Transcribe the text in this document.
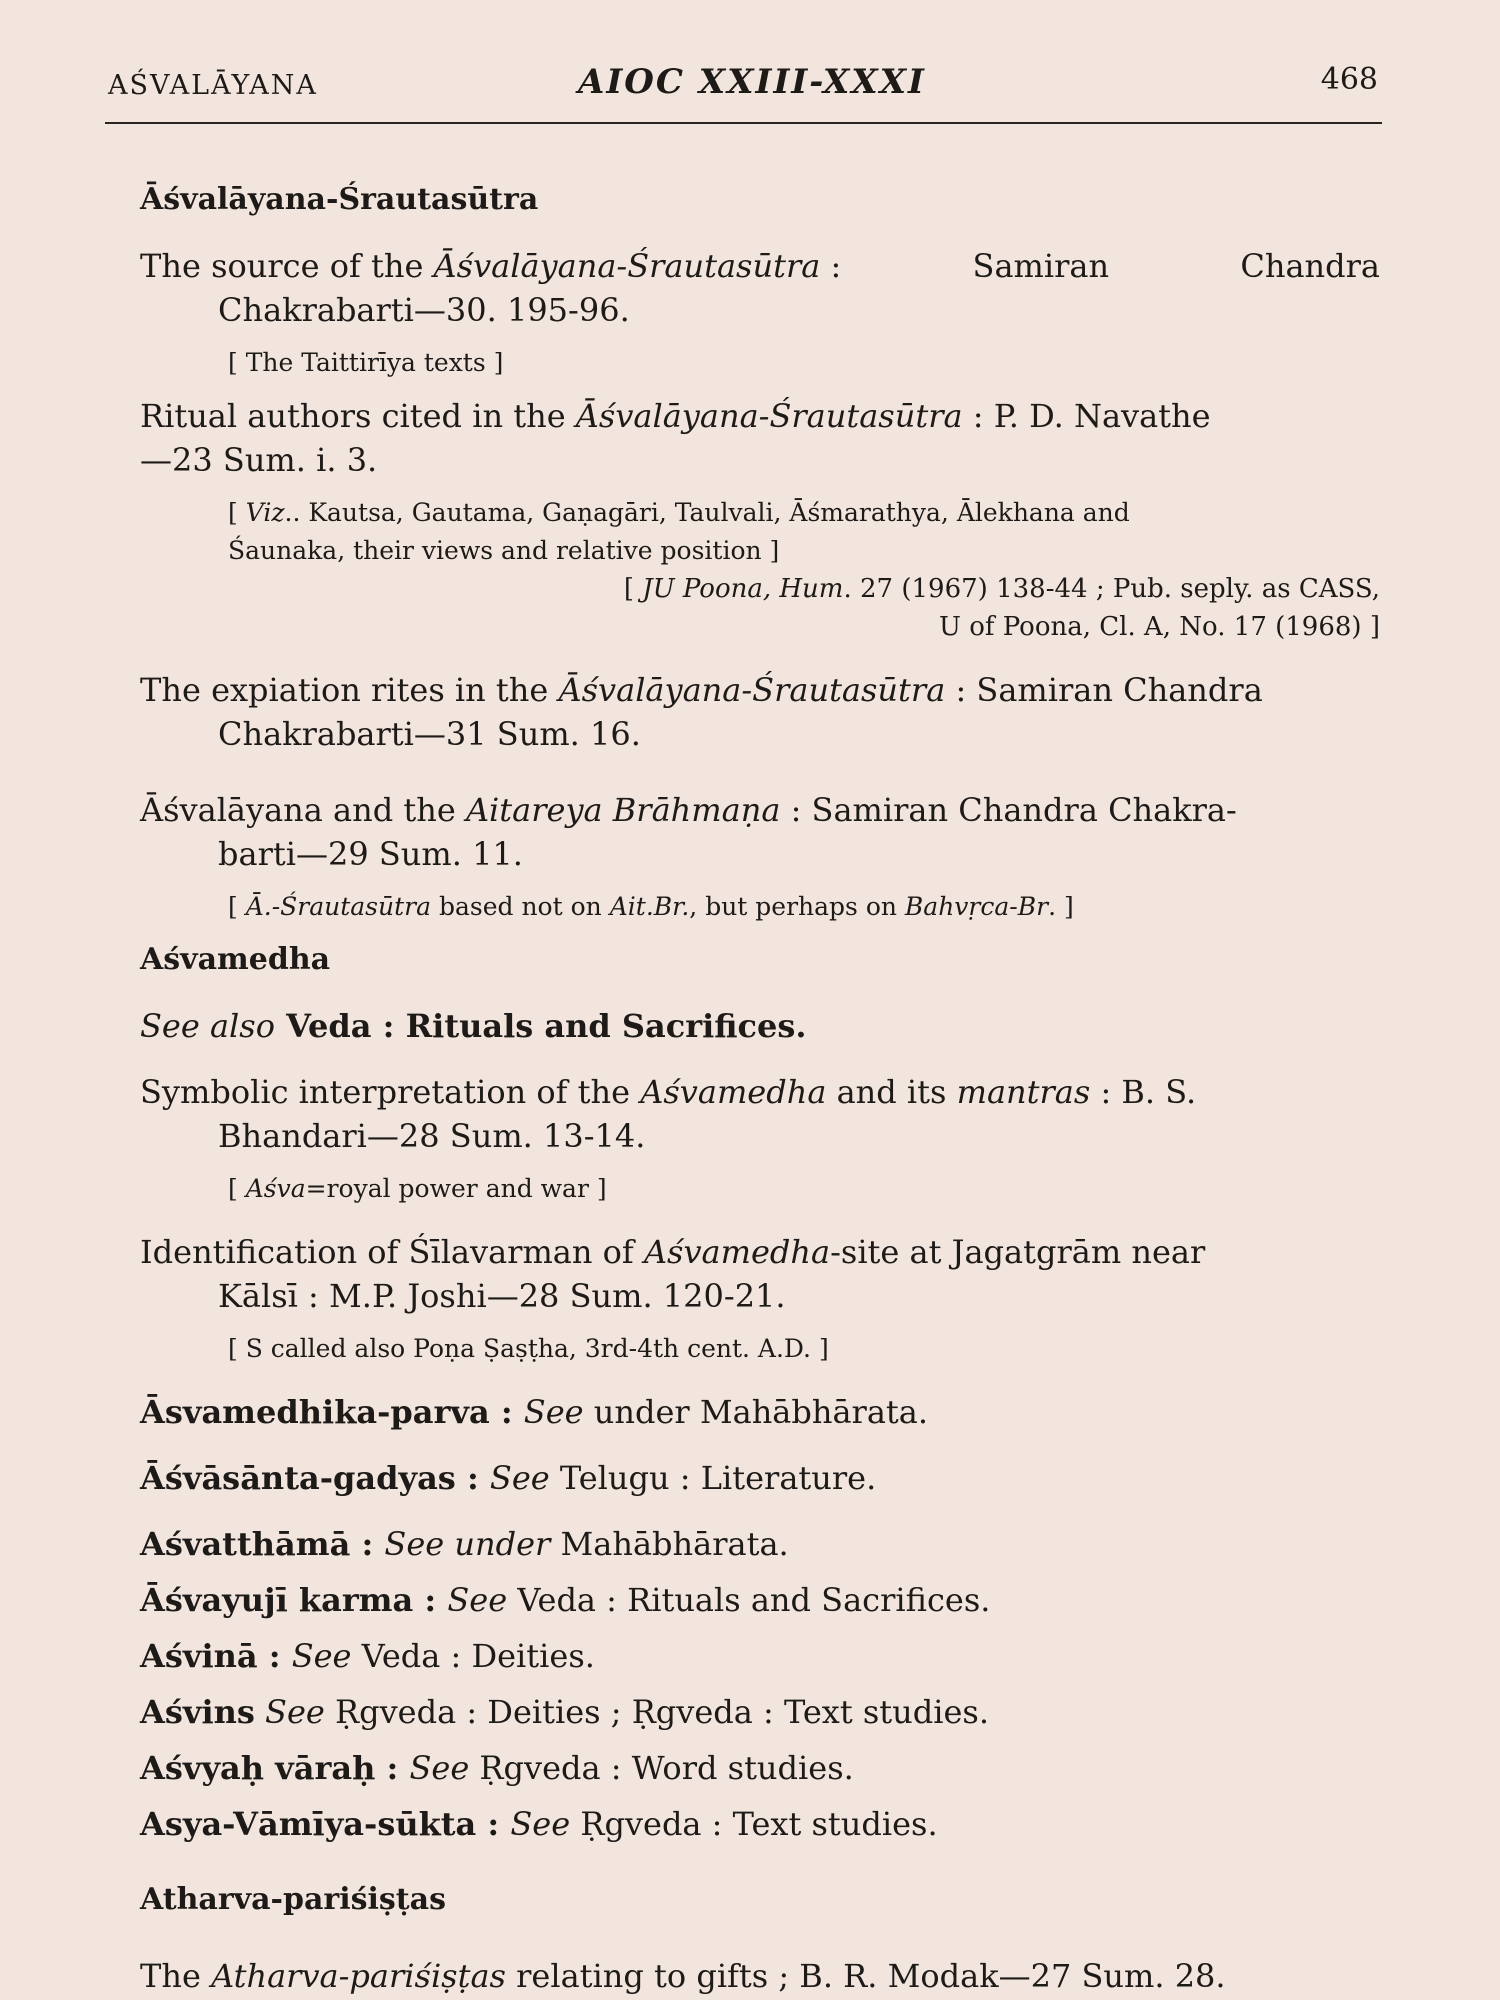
AŚVALĀYANA	AIOC XXIII-XXXI	468
Āśvalāyana-Śrautasūtra
The source of the Āśvalāyana-Śrautasūtra :	Samiran	Chandra
Chakrabarti—30. 195-96.
[ The Taittirīya texts ]
Ritual authors cited in the Āśvalāyana-Śrautasūtra : P. D. Navathe
—23 Sum. i. 3.
[ Viz.. Kautsa, Gautama, Gaṇagāri, Taulvali, Āśmarathya, Ālekhana and
Śaunaka, their views and relative position ]
[ JU Poona, Hum. 27 (1967) 138-44 ; Pub. seply. as CASS,
U of Poona, Cl. A, No. 17 (1968) ]
The expiation rites in the Āśvalāyana-Śrautasūtra : Samiran Chandra
Chakrabarti—31 Sum. 16.
Āśvalāyana and the Aitareya Brāhmaṇa : Samiran Chandra Chakra-
barti—29 Sum. 11.
[ Ā.-Śrautasūtra based not on Ait.Br., but perhaps on Bahvṛca-Br. ]
Aśvamedha
See also Veda : Rituals and Sacrifices.
Symbolic interpretation of the Aśvamedha and its mantras : B. S.
Bhandari—28 Sum. 13-14.
[ Aśva=royal power and war ]
Identification of Śīlavarman of Aśvamedha-site at Jagatgrām near
Kālsī : M.P. Joshi—28 Sum. 120-21.
[ S called also Poṇa Ṣaṣṭha, 3rd-4th cent. A.D. ]
Āsvamedhika-parva : See under Mahābhārata.
Āśvāsānta-gadyas : See Telugu : Literature.
Aśvatthāmā : See under Mahābhārata.
Āśvayujī karma : See Veda : Rituals and Sacrifices.
Aśvinā : See Veda : Deities.
Aśvins See Ṛgveda : Deities ; Ṛgveda : Text studies.
Aśvyaḥ vāraḥ : See Ṛgveda : Word studies.
Asya-Vāmīya-sūkta : See Ṛgveda : Text studies.
Atharva-pariśiṣṭas
The Atharva-pariśiṣṭas relating to gifts ; B. R. Modak—27 Sum. 28.
